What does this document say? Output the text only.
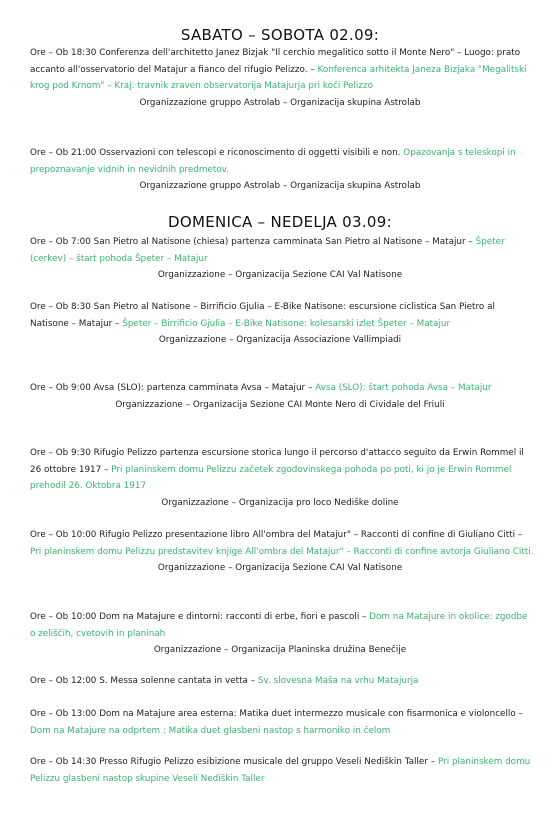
SABATO – SOBOTA 02.09:

Ore – Ob 18:30 Conferenza dell'architetto Janez Bizjak "Il cerchio megalitico sotto il Monte Nero" – Luogo: prato accanto all'osservatorio del Matajur a fianco del rifugio Pelizzo. – Konferenca arhitekta Janeza Bizjaka "Megalitski krog pod Krnom" – Kraj: travnik zraven observatorija Matajurja pri koči Pelizzo

Organizzazione gruppo Astrolab – Organizacija skupina Astrolab

Ore – Ob 21:00 Osservazioni con telescopi e riconoscimento di oggetti visibili e non. Opazovanja s teleskopi in prepoznavanje vidnih in nevidnih predmetov.

Organizzazione gruppo Astrolab – Organizacija skupina Astrolab
DOMENICA – NEDELJA 03.09:

Ore – Ob 7:00 San Pietro al Natisone (chiesa) partenza camminata San Pietro al Natisone – Matajur – Špeter (cerkev) – štart pohoda Špeter – Matajur

Organizzazione – Organizacija Sezione CAI Val Natisone

Ore – Ob 8:30 San Pietro al Natisone – Birrificio Gjulia – E-Bike Natisone: escursione ciclistica San Pietro al Natisone – Matajur – Špeter – Birrificio Gjulia – E-Bike Natisone: kolesarski izlet Špeter – Matajur

Organizzazione – Organizacija Associazione Vallimpiadi

Ore – Ob 9:00 Avsa (SLO): partenza camminata Avsa – Matajur – Avsa (SLO): štart pohoda Avsa – Matajur

Organizzazione – Organizacija Sezione CAI Monte Nero di Cividale del Friuli

Ore – Ob 9:30 Rifugio Pelizzo partenza escursione storica lungo il percorso d'attacco seguito da Erwin Rommel il 26 ottobre 1917 – Pri planinskem domu Pelizzu začetek zgodovinskega pohoda po poti, ki jo je Erwin Rommel prehodil 26. Oktobra 1917

Organizzazione – Organizacija pro loco Nediške doline

Ore – Ob 10:00 Rifugio Pelizzo presentazione libro All'ombra del Matajur" – Racconti di confine di Giuliano Citti – Pri planinskem domu Pelizzu predstavitev knjige All'ombra del Matajur" – Racconti di confine avtorja Giuliano Citti.

Organizzazione – Organizacija Sezione CAI Val Natisone

Ore – Ob 10:00 Dom na Matajure e dintorni: racconti di erbe, fiori e pascoli – Dom na Matajure in okolice: zgodbe o zeliščih, cvetovih in planinah

Organizzazione – Organizacija Planinska družina Benečije

Ore – Ob 12:00 S. Messa solenne cantata in vetta – Sv. slovesna Maša na vrhu Matajurja

Ore – Ob 13:00 Dom na Matajure area esterna: Matika duet intermezzo musicale con fisarmonica e violoncello – Dom na Matajure na odprtem : Matika duet glasbeni nastop s harmoniko in čelom

Ore – Ob 14:30 Presso Rifugio Pelizzo esibizione musicale del gruppo Veseli Nediškin Taller – Pri planinskem domu Pelizzu glasbeni nastop skupine Veseli Nediškin Taller
